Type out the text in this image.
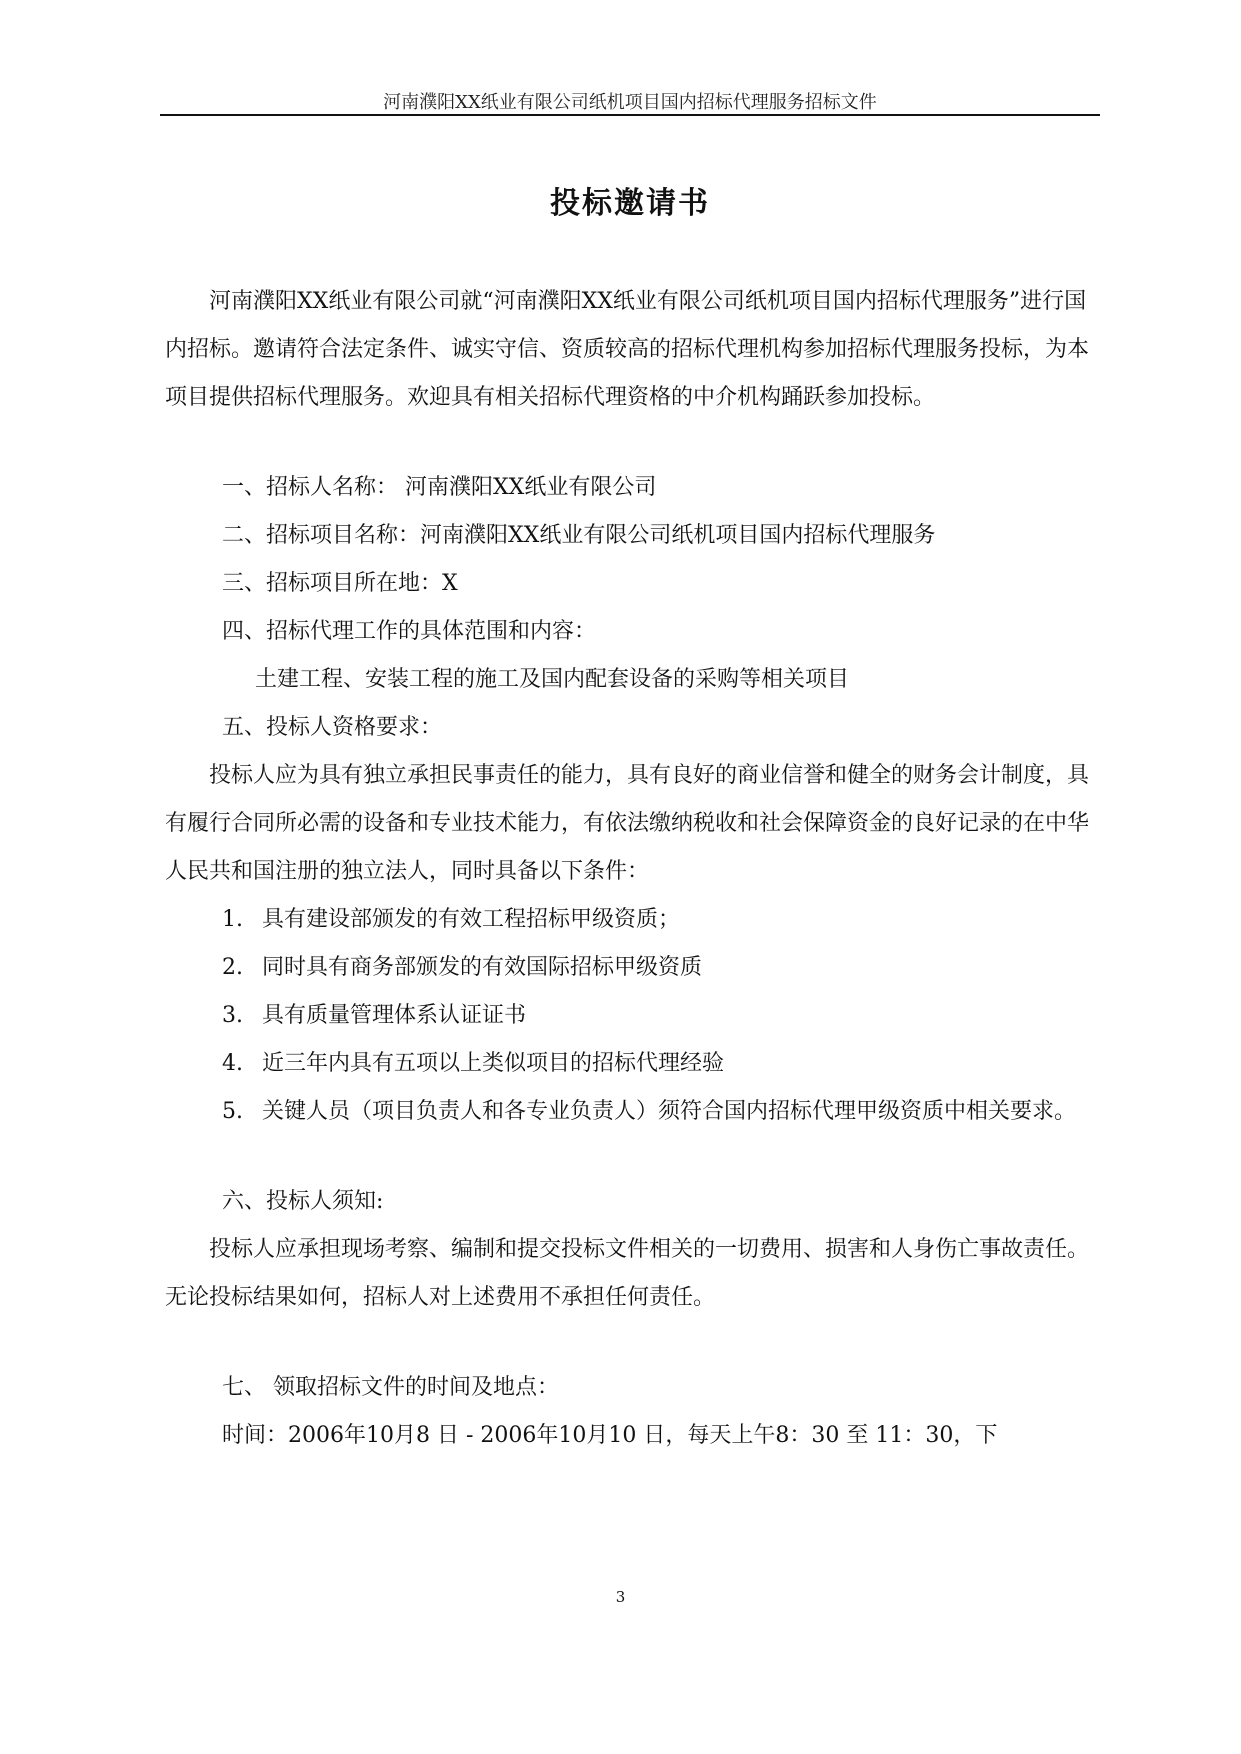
河南濮阳XX纸业有限公司纸机项目国内招标代理服务招标文件
投标邀请书

河南濮阳XX纸业有限公司就“河南濮阳XX纸业有限公司纸机项目国内招标代理服务”进行国内招标。邀请符合法定条件、诚实守信、资质较高的招标代理机构参加招标代理服务投标，为本项目提供招标代理服务。欢迎具有相关招标代理资格的中介机构踊跃参加投标。

一、招标人名称： 河南濮阳XX纸业有限公司

二、招标项目名称：河南濮阳XX纸业有限公司纸机项目国内招标代理服务

三、招标项目所在地：X

四、招标代理工作的具体范围和内容：

土建工程、安装工程的施工及国内配套设备的采购等相关项目

五、投标人资格要求：

投标人应为具有独立承担民事责任的能力，具有良好的商业信誉和健全的财务会计制度，具有履行合同所必需的设备和专业技术能力，有依法缴纳税收和社会保障资金的良好记录的在中华人民共和国注册的独立法人，同时具备以下条件：

1. 具有建设部颁发的有效工程招标甲级资质；
2. 同时具有商务部颁发的有效国际招标甲级资质
3. 具有质量管理体系认证证书
4. 近三年内具有五项以上类似项目的招标代理经验
5. 关键人员（项目负责人和各专业负责人）须符合国内招标代理甲级资质中相关要求。

六、投标人须知:

投标人应承担现场考察、编制和提交投标文件相关的一切费用、损害和人身伤亡事故责任。无论投标结果如何，招标人对上述费用不承担任何责任。

七、 领取招标文件的时间及地点：

时间：2006年10月8 日 - 2006年10月10 日，每天上午8：30 至 11：30，下

3
